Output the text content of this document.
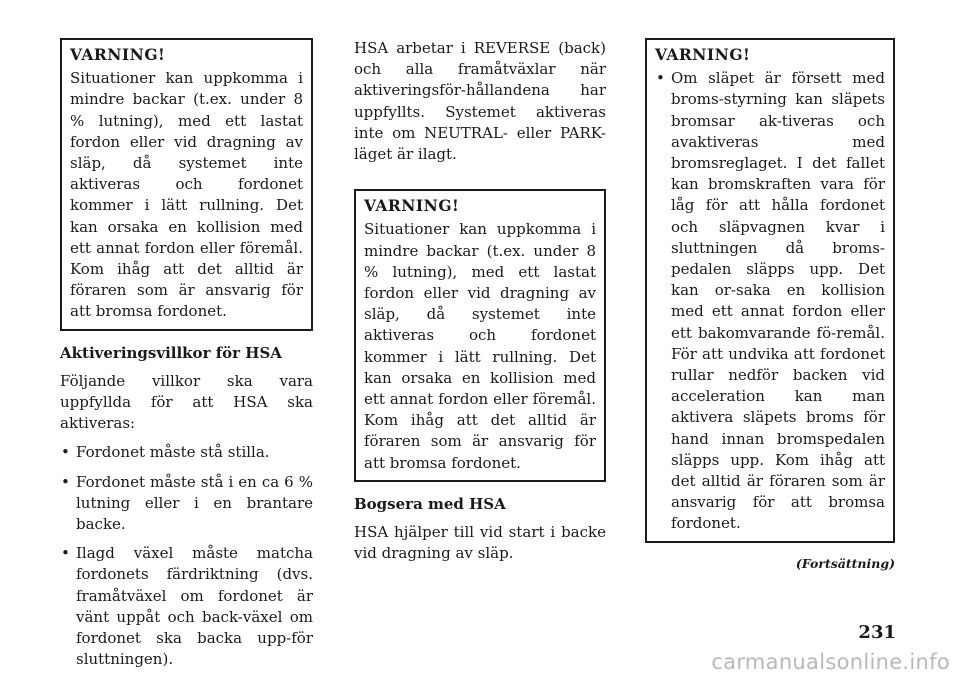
VARNING!
Situationer kan uppkomma i mindre backar (t.ex. under 8 % lutning), med ett lastat fordon eller vid dragning av släp, då systemet inte aktiveras och fordonet kommer i lätt rullning. Det kan orsaka en kollision med ett annat fordon eller föremål. Kom ihåg att det alltid är föraren som är ansvarig för att bromsa fordonet.
Aktiveringsvillkor för HSA

Följande villkor ska vara uppfyllda för att HSA ska aktiveras:

• Fordonet måste stå stilla.
• Fordonet måste stå i en ca 6 % lutning eller i en brantare backe.
• Ilagd växel måste matcha fordonets färdriktning (dvs. framåtväxel om fordonet är vänt uppåt och back-växel om fordonet ska backa upp-för sluttningen).

HSA arbetar i REVERSE (back) och alla framåtväxlar när aktiveringsför-hållandena har uppfyllts. Systemet aktiveras inte om NEUTRAL- eller PARK-läget är ilagt.

VARNING!
Situationer kan uppkomma i mindre backar (t.ex. under 8 % lutning), med ett lastat fordon eller vid dragning av släp, då systemet inte aktiveras och fordonet kommer i lätt rullning. Det kan orsaka en kollision med ett annat fordon eller föremål. Kom ihåg att det alltid är föraren som är ansvarig för att bromsa fordonet.
Bogsera med HSA

HSA hjälper till vid start i backe vid dragning av släp.

VARNING!
• Om släpet är försett med broms-styrning kan släpets bromsar ak-tiveras och avaktiveras med bromsreglaget. I det fallet kan bromskraften vara för låg för att hålla fordonet och släpvagnen kvar i sluttningen då broms-pedalen släpps upp. Det kan or-saka en kollision med ett annat fordon eller ett bakomvarande fö-remål. För att undvika att fordonet rullar nedför backen vid acceleration kan man aktivera släpets broms för hand innan bromspedalen släpps upp. Kom ihåg att det alltid är föraren som är ansvarig för att bromsa fordonet.
(Fortsättning)
231
carmanualsonline.info
